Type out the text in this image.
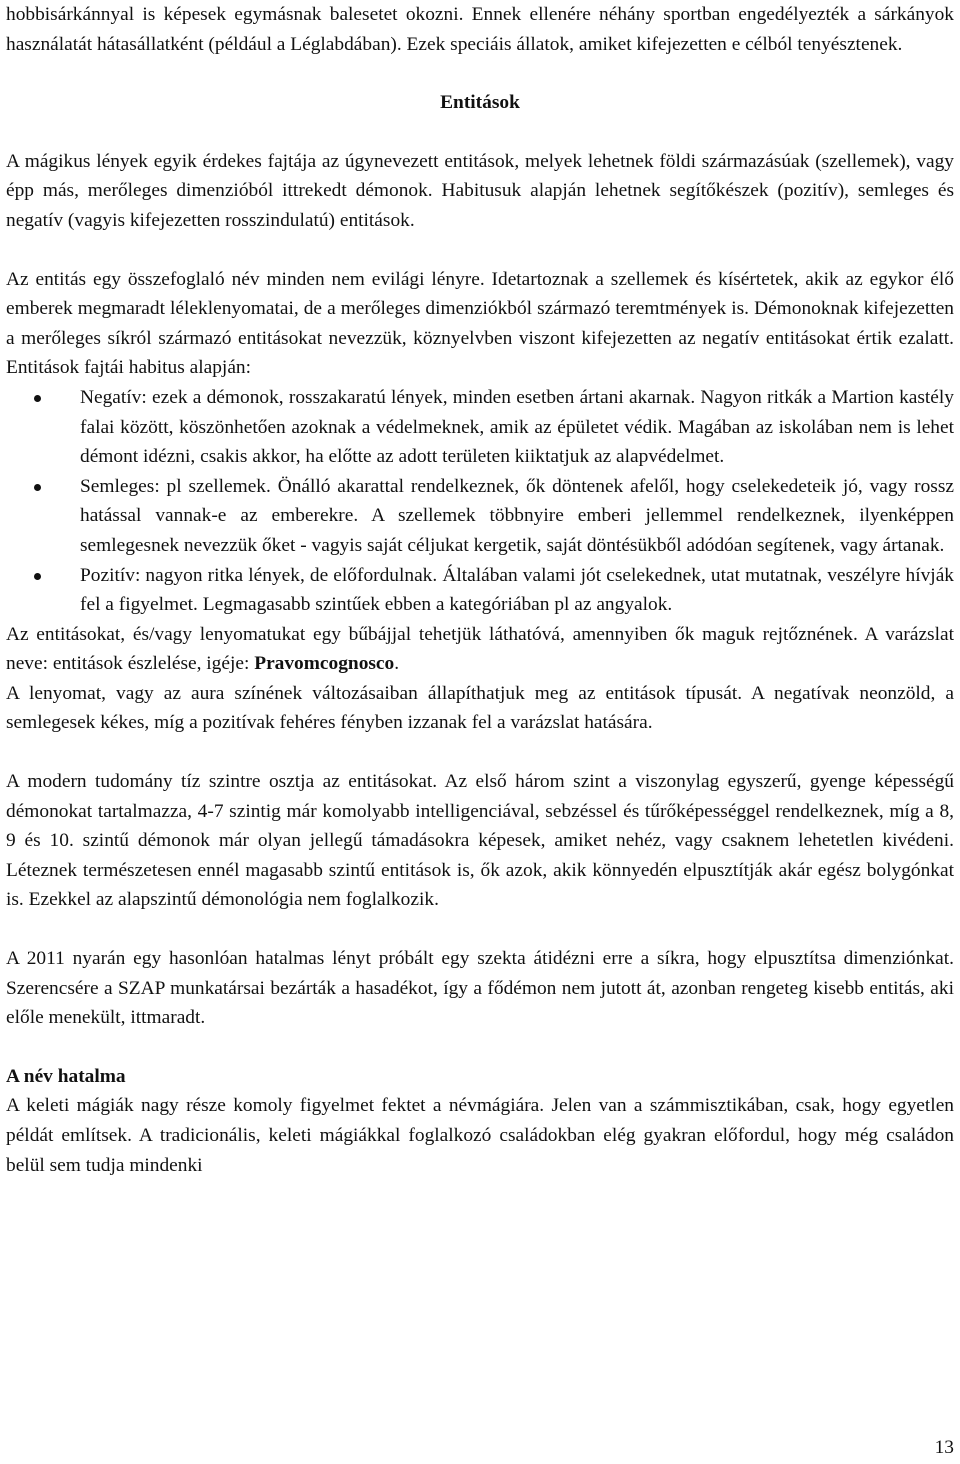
hobbisárkánnyal is képesek egymásnak balesetet okozni. Ennek ellenére néhány sportban engedélyezték a sárkányok használatát hátasállatként (például a Léglabdában). Ezek speciáis állatok, amiket kifejezetten e célból tenyésztenek.

Entitások

A mágikus lények egyik érdekes fajtája az úgynevezett entitások, melyek lehetnek földi származásúak (szellemek), vagy épp más, merőleges dimenzióból ittrekedt démonok. Habitusuk alapján lehetnek segítőkészek (pozitív), semleges és negatív (vagyis kifejezetten rosszindulatú) entitások.

Az entitás egy összefoglaló név minden nem evilági lényre. Idetartoznak a szellemek és kísértetek, akik az egykor élő emberek megmaradt léleklenyomatai, de a merőleges dimenziókból származó teremtmények is. Démonoknak kifejezetten a merőleges síkról származó entitásokat nevezzük, köznyelvben viszont kifejezetten az negatív entitásokat értik ezalatt. Entitások fajtái habitus alapján:

Negatív: ezek a démonok, rosszakaratú lények, minden esetben ártani akarnak. Nagyon ritkák a Martion kastély falai között, köszönhetően azoknak a védelmeknek, amik az épületet védik. Magában az iskolában nem is lehet démont idézni, csakis akkor, ha előtte az adott területen kiiktatjuk az alapvédelmet.
Semleges: pl szellemek. Önálló akarattal rendelkeznek, ők döntenek afelől, hogy cselekedeteik jó, vagy rossz hatással vannak-e az emberekre. A szellemek többnyire emberi jellemmel rendelkeznek, ilyenképpen semlegesnek nevezzük őket - vagyis saját céljukat kergetik, saját döntésükből adódóan segítenek, vagy ártanak.
Pozitív: nagyon ritka lények, de előfordulnak. Általában valami jót cselekednek, utat mutatnak, veszélyre hívják fel a figyelmet. Legmagasabb szintűek ebben a kategóriában pl az angyalok.

Az entitásokat, és/vagy lenyomatukat egy bűbájjal tehetjük láthatóvá, amennyiben ők maguk rejtőznének. A varázslat neve: entitások észlelése, igéje: Pravomcognosco.

A lenyomat, vagy az aura színének változásaiban állapíthatjuk meg az entitások típusát. A negatívak neonzöld, a semlegesek kékes, míg a pozitívak fehéres fényben izzanak fel a varázslat hatására.

A modern tudomány tíz szintre osztja az entitásokat. Az első három szint a viszonylag egyszerű, gyenge képességű démonokat tartalmazza, 4-7 szintig már komolyabb intelligenciával, sebzéssel és tűrőképességgel rendelkeznek, míg a 8, 9 és 10. szintű démonok már olyan jellegű támadásokra képesek, amiket nehéz, vagy csaknem lehetetlen kivédeni. Léteznek természetesen ennél magasabb szintű entitások is, ők azok, akik könnyedén elpusztítják akár egész bolygónkat is. Ezekkel az alapszintű démonológia nem foglalkozik.

A 2011 nyarán egy hasonlóan hatalmas lényt próbált egy szekta átidézni erre a síkra, hogy elpusztítsa dimenziónkat. Szerencsére a SZAP munkatársai bezárták a hasadékot, így a fődémon nem jutott át, azonban rengeteg kisebb entitás, aki előle menekült, ittmaradt.

A név hatalma

A keleti mágiák nagy része komoly figyelmet fektet a névmágiára. Jelen van a számmisztikában, csak, hogy egyetlen példát említsek. A tradicionális, keleti mágiákkal foglalkozó családokban elég gyakran előfordul, hogy még családon belül sem tudja mindenki

13
